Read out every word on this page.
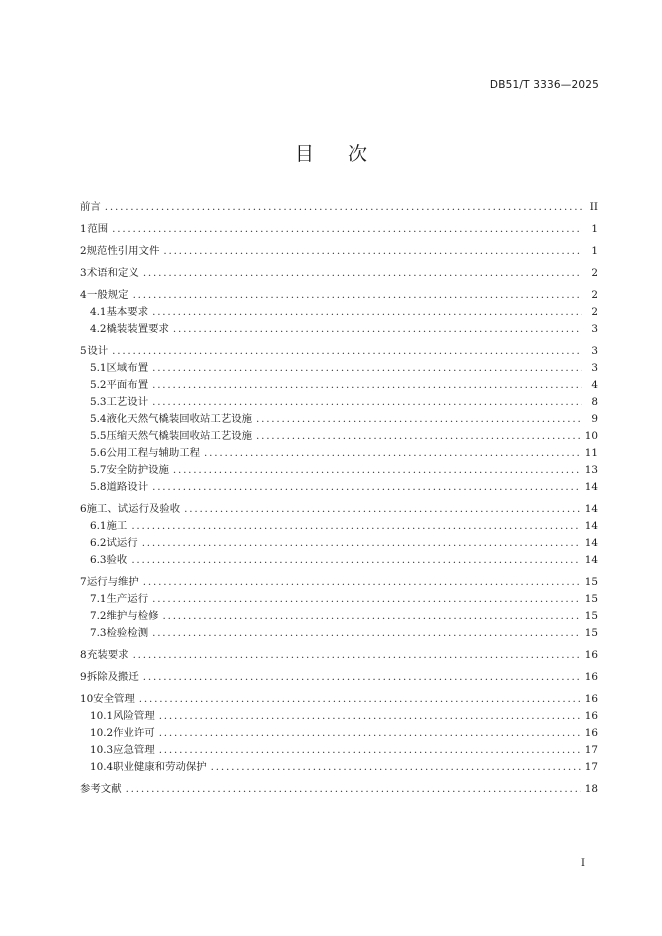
DB51/T 3336—2025
目次
前言 .....	II
1 范围 .....	1
2 规范性引用文件 .....	1
3 术语和定义 .....	2
4 一般规定 .....	2
4.1 基本要求 .....	2
4.2 橇装装置要求 .....	3
5 设计 .....	3
5.1 区域布置 .....	3
5.2 平面布置 .....	4
5.3 工艺设计 .....	8
5.4 液化天然气橇装回收站工艺设施 .....	9
5.5 压缩天然气橇装回收站工艺设施 .....	10
5.6 公用工程与辅助工程 .....	11
5.7 安全防护设施 .....	13
5.8 道路设计 .....	14
6 施工、试运行及验收 .....	14
6.1 施工 .....	14
6.2 试运行 .....	14
6.3 验收 .....	14
7 运行与维护 .....	15
7.1 生产运行 .....	15
7.2 维护与检修 .....	15
7.3 检验检测 .....	15
8 充装要求 .....	16
9 拆除及搬迁 .....	16
10 安全管理 .....	16
10.1 风险管理 .....	16
10.2 作业许可 .....	16
10.3 应急管理 .....	17
10.4 职业健康和劳动保护 .....	17
参考文献 .....	18
I
